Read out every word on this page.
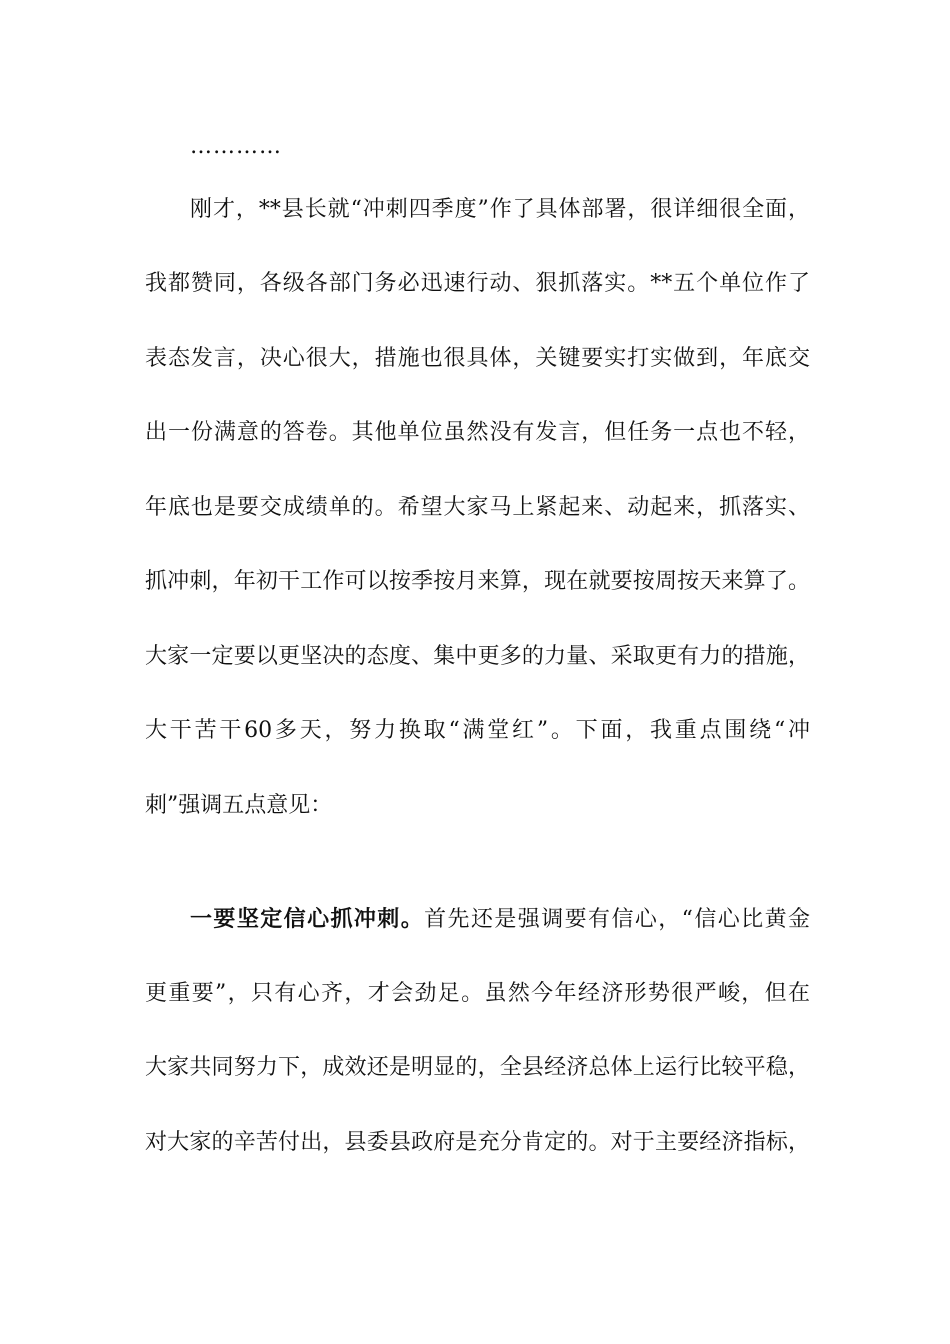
…………
刚才，**县长就“冲刺四季度”作了具体部署，很详细很全面，
我都赞同，各级各部门务必迅速行动、狠抓落实。**五个单位作了
表态发言，决心很大，措施也很具体，关键要实打实做到，年底交
出一份满意的答卷。其他单位虽然没有发言，但任务一点也不轻，
年底也是要交成绩单的。希望大家马上紧起来、动起来，抓落实、
抓冲刺，年初干工作可以按季按月来算，现在就要按周按天来算了。
大家一定要以更坚决的态度、集中更多的力量、采取更有力的措施，
大干苦干60多天，努力换取“满堂红”。下面，我重点围绕“冲
刺”强调五点意见：
一要坚定信心抓冲刺。首先还是强调要有信心，“信心比黄金
更重要”，只有心齐，才会劲足。虽然今年经济形势很严峻，但在
大家共同努力下，成效还是明显的，全县经济总体上运行比较平稳，
对大家的辛苦付出，县委县政府是充分肯定的。对于主要经济指标，
